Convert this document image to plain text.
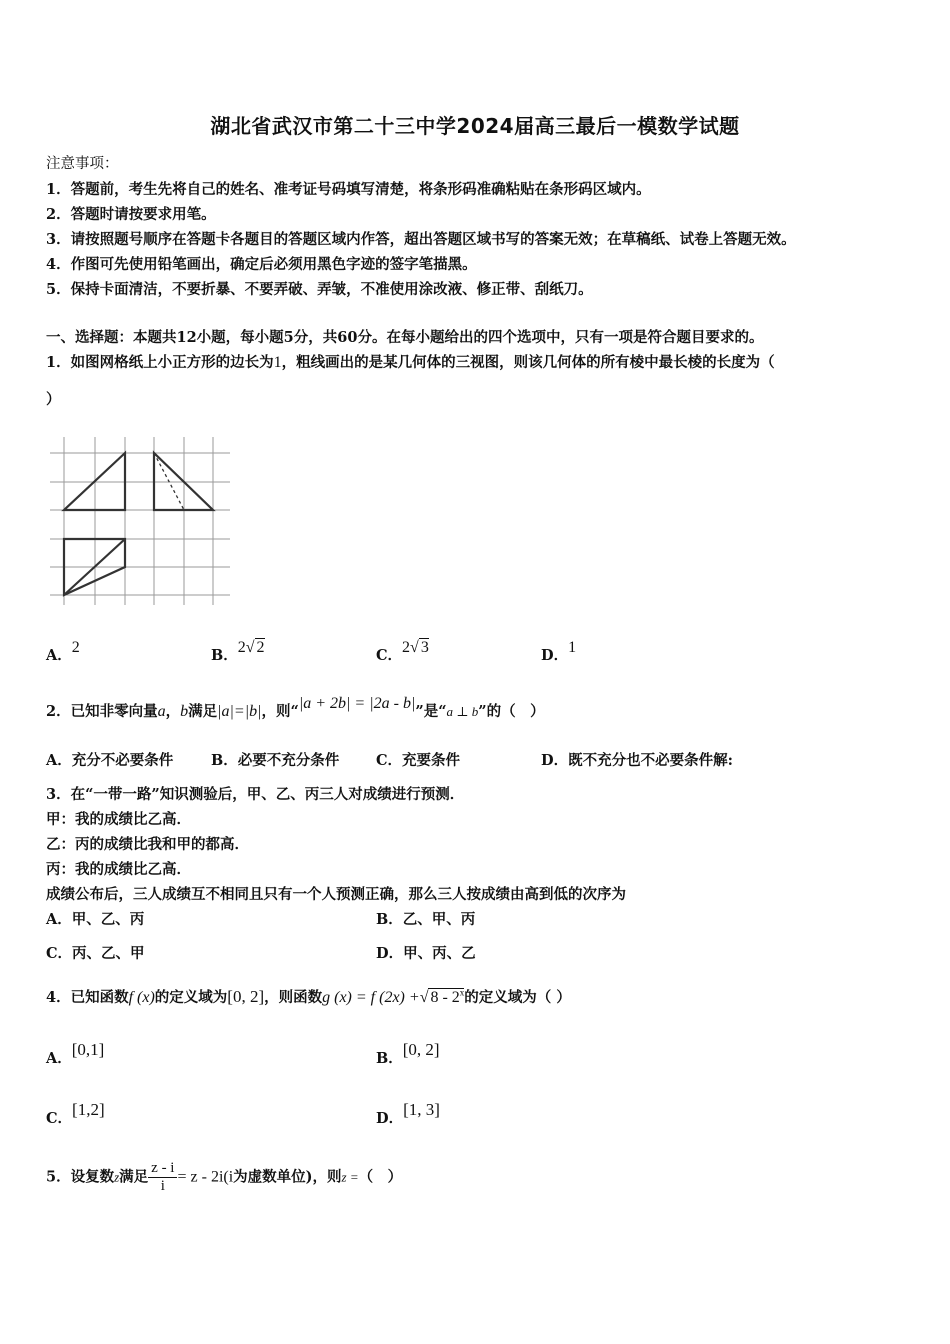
湖北省武汉市第二十三中学2024届高三最后一模数学试题
注意事项：
1．答题前，考生先将自己的姓名、准考证号码填写清楚，将条形码准确粘贴在条形码区域内。
2．答题时请按要求用笔。
3．请按照题号顺序在答题卡各题目的答题区域内作答，超出答题区域书写的答案无效；在草稿纸、试卷上答题无效。
4．作图可先使用铅笔画出，确定后必须用黑色字迹的签字笔描黑。
5．保持卡面清洁，不要折暴、不要弄破、弄皱，不准使用涂改液、修正带、刮纸刀。
一、选择题：本题共12小题，每小题5分，共60分。在每小题给出的四个选项中，只有一项是符合题目要求的。
1．如图网格纸上小正方形的边长为1，粗线画出的是某几何体的三视图，则该几何体的所有棱中最长棱的长度为（
）
A．2	B．2√ 2	C．2√ 3	D．1
2．已知非零向量a，b满足|a|=|b|，则“|a + 2b| = |2a - b|”是“a ⊥ b”的（　）
A．充分不必要条件	B．必要不充分条件	C．充要条件	D．既不充分也不必要条件解:
3．在“一带一路”知识测验后，甲、乙、丙三人对成绩进行预测．
甲：我的成绩比乙高．
乙：丙的成绩比我和甲的都高．
丙：我的成绩比乙高．
成绩公布后，三人成绩互不相同且只有一个人预测正确，那么三人按成绩由高到低的次序为
A．甲、乙、丙	B．乙、甲、丙
C．丙、乙、甲	D．甲、丙、乙
4．已知函数f (x)的定义域为[0, 2]，则函数g (x) = f (2x) +√ 8 - 2$^x$的定义域为（ ）
A．[0,1]	B．[0, 2]
C．[1,2]	D．[1, 3]
5．设复数z满足 $\frac{z - i}{i} = z - 2i(i$为虚数单位)，则z =（　）
